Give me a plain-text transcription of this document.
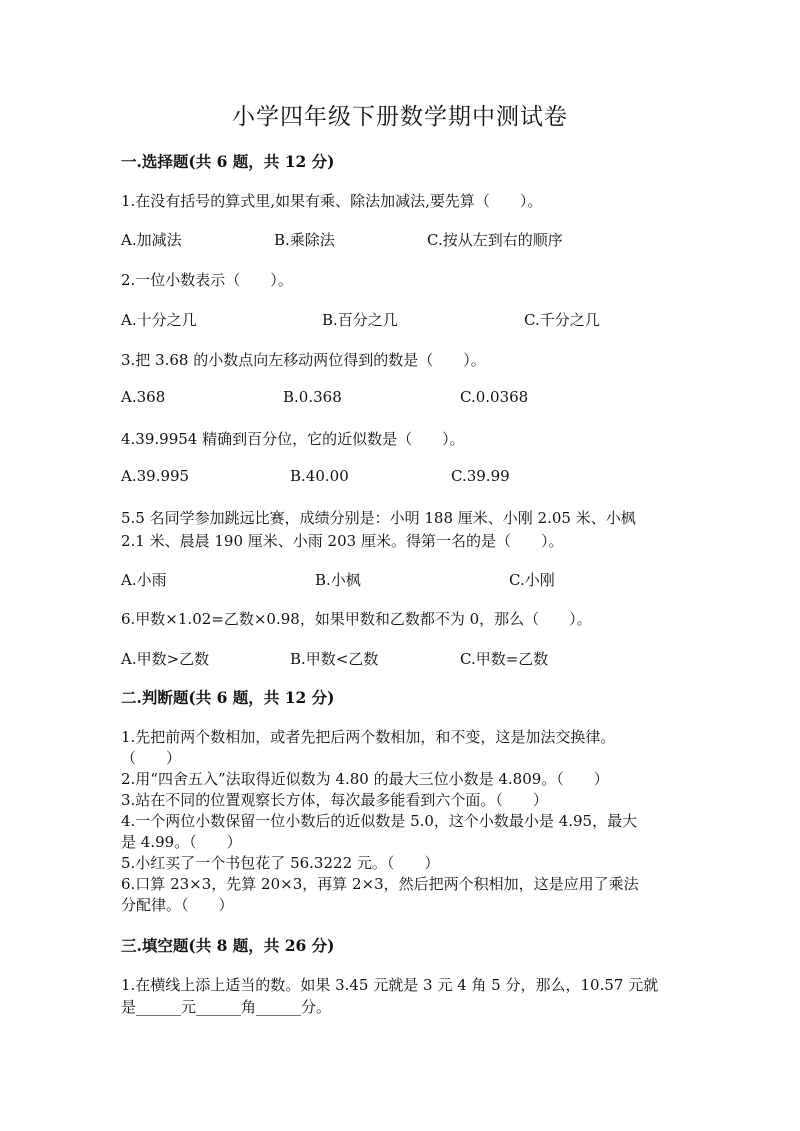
小学四年级下册数学期中测试卷
一.选择题(共 6 题，共 12 分)
1.在没有括号的算式里,如果有乘、除法加减法,要先算（　　）。
A.加减法	B.乘除法	C.按从左到右的顺序
2.一位小数表示（　　）。
A.十分之几	B.百分之几	C.千分之几
3.把 3.68 的小数点向左移动两位得到的数是（　　）。
A.368	B.0.368	C.0.0368
4.39.9954 精确到百分位，它的近似数是（　　）。
A.39.995	B.40.00	C.39.99
5.5 名同学参加跳远比赛，成绩分别是：小明 188 厘米、小刚 2.05 米、小枫
2.1 米、晨晨 190 厘米、小雨 203 厘米。得第一名的是（　　）。
A.小雨	B.小枫	C.小刚
6.甲数×1.02=乙数×0.98，如果甲数和乙数都不为 0，那么（　　）。
A.甲数>乙数	B.甲数<乙数	C.甲数=乙数
二.判断题(共 6 题，共 12 分)
1.先把前两个数相加，或者先把后两个数相加，和不变，这是加法交换律。
（　　）
2.用“四舍五入”法取得近似数为 4.80 的最大三位小数是 4.809。（　　）
3.站在不同的位置观察长方体，每次最多能看到六个面。（　　）
4.一个两位小数保留一位小数后的近似数是 5.0，这个小数最小是 4.95，最大
是 4.99。（　　）
5.小红买了一个书包花了 56.3222 元。（　　）
6.口算 23×3，先算 20×3，再算 2×3，然后把两个积相加，这是应用了乘法
分配律。（　　）
三.填空题(共 8 题，共 26 分)
1.在横线上添上适当的数。如果 3.45 元就是 3 元 4 角 5 分，那么，10.57 元就
是______元______角______分。
